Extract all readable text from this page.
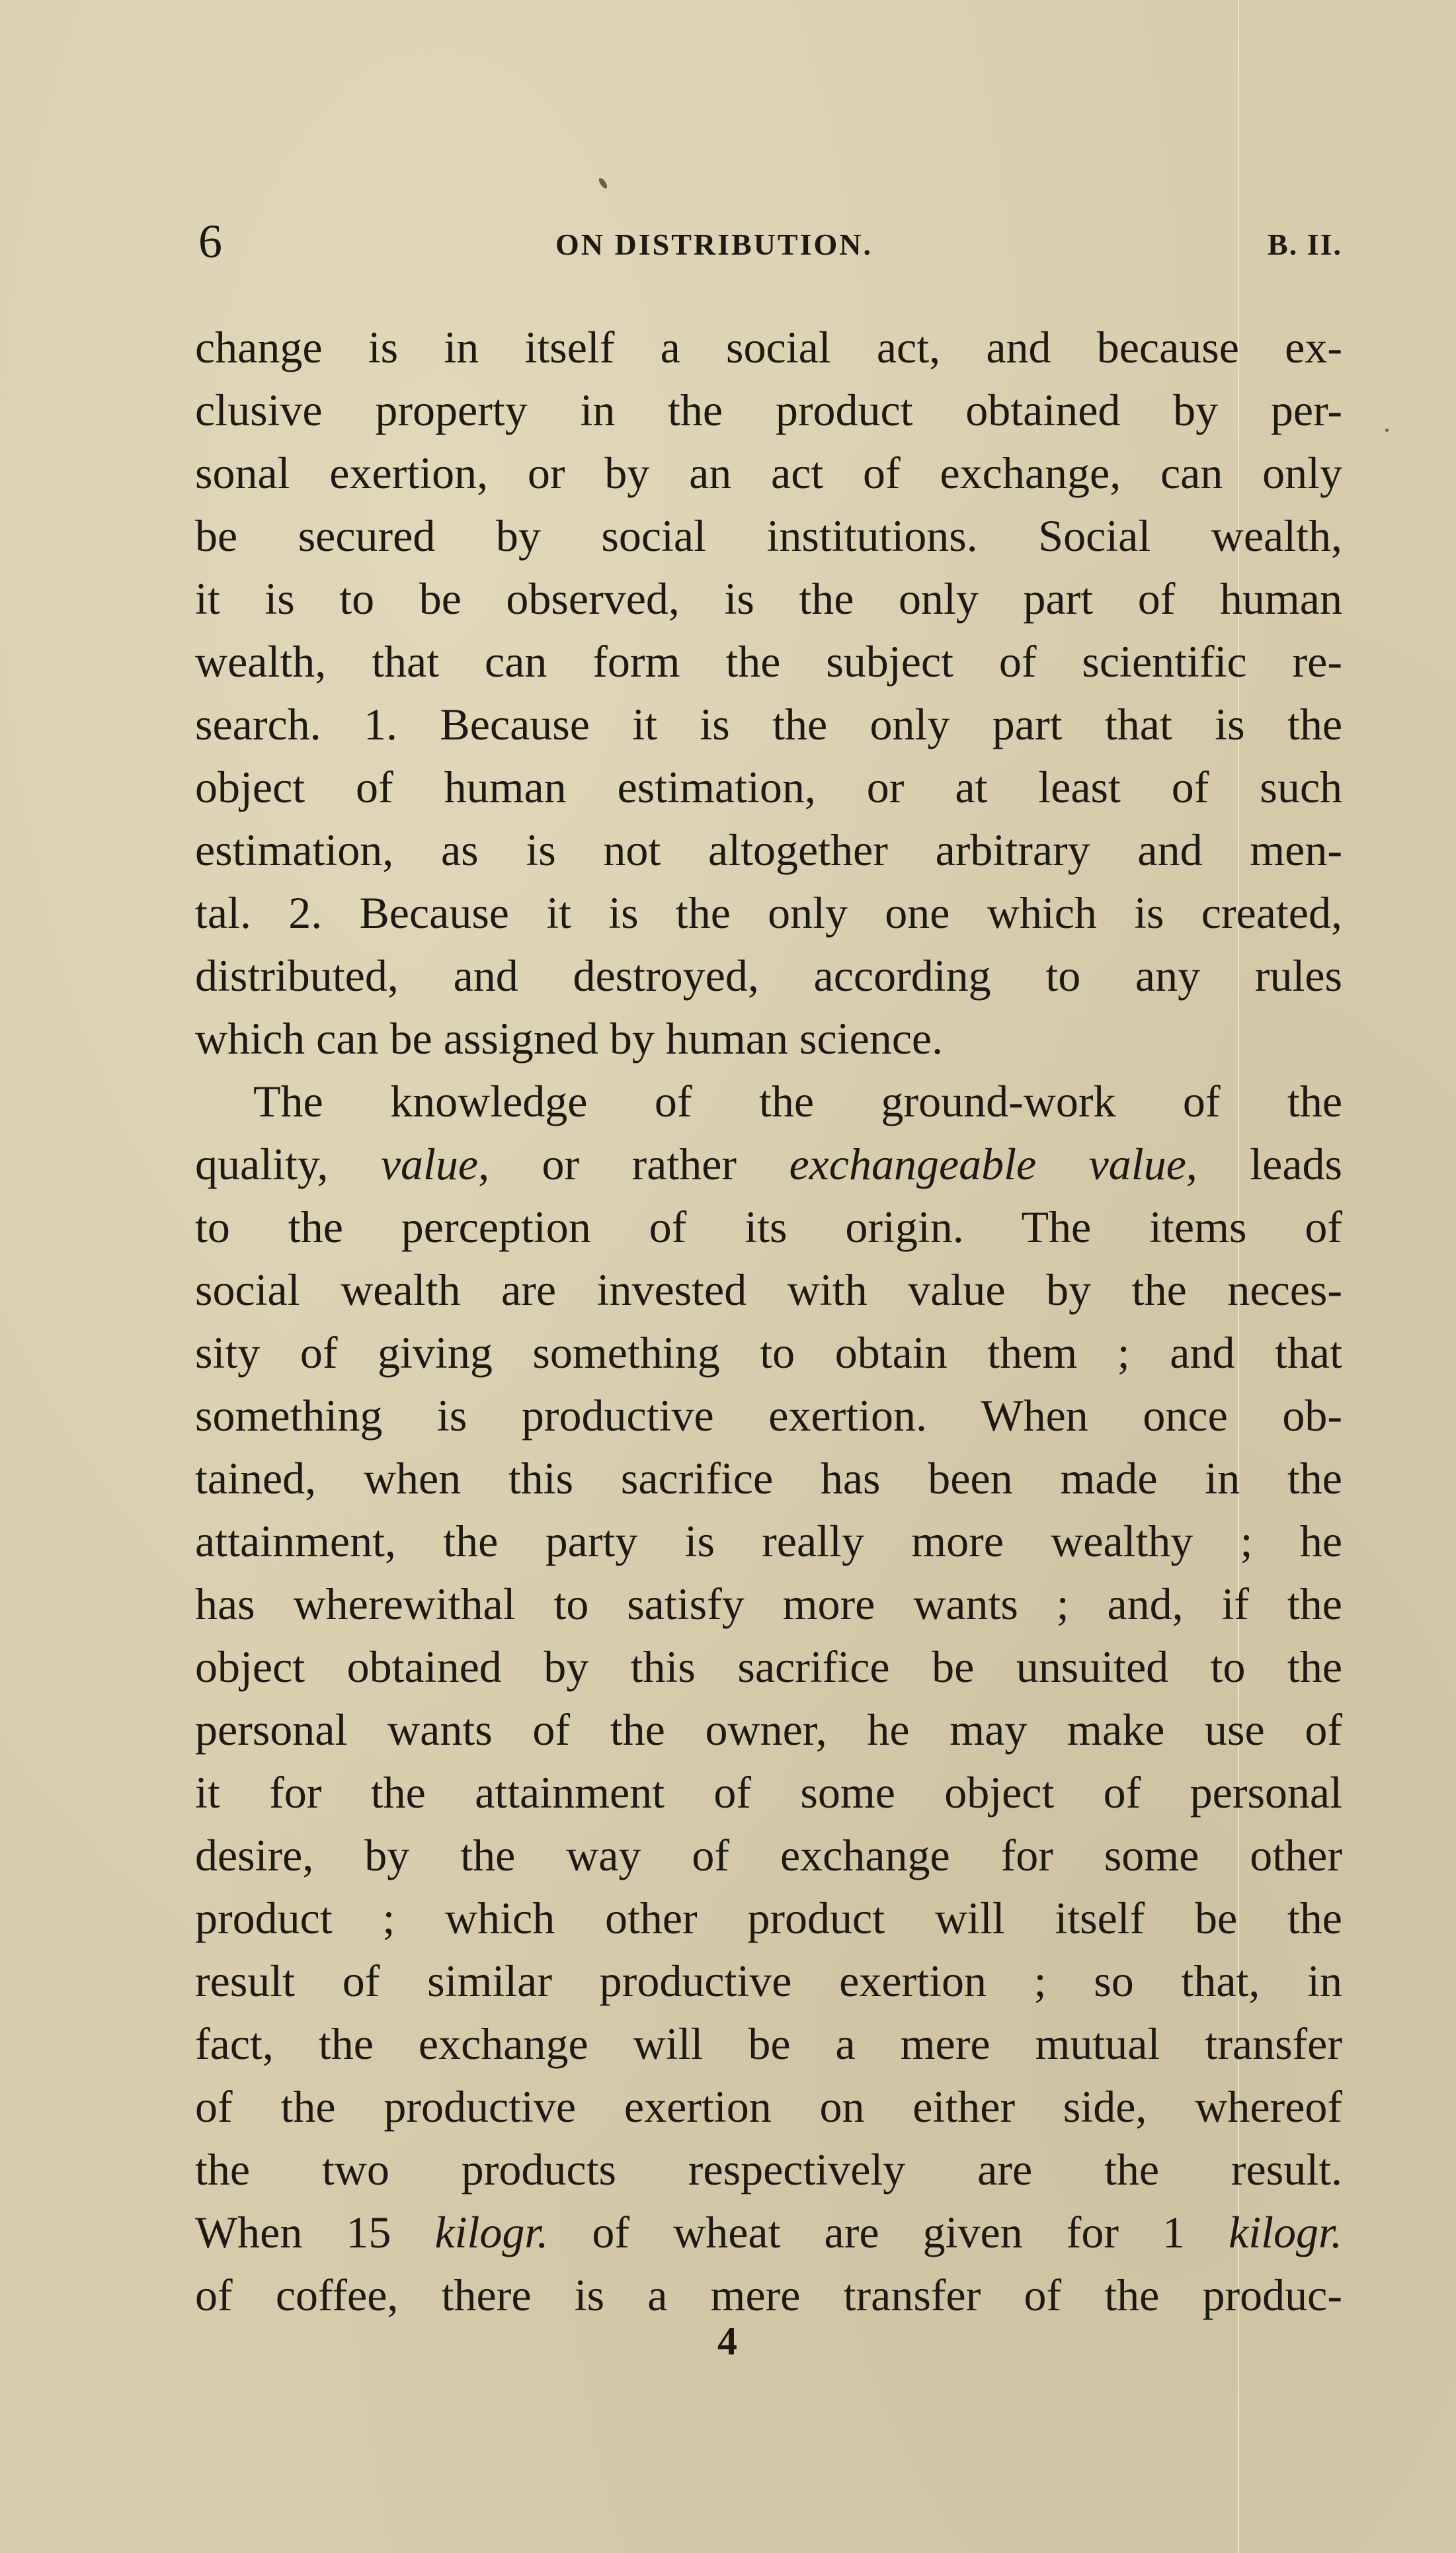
6	ON DISTRIBUTION.	B. II.
change is in itself a social act, and because ex-
clusive property in the product obtained by per-
sonal exertion, or by an act of exchange, can only
be secured by social institutions. Social wealth,
it is to be observed, is the only part of human
wealth, that can form the subject of scientific re-
search. 1. Because it is the only part that is the
object of human estimation, or at least of such
estimation, as is not altogether arbitrary and men-
tal. 2. Because it is the only one which is created,
distributed, and destroyed, according to any rules
which can be assigned by human science.
The knowledge of the ground-work of the
quality, value, or rather exchangeable value, leads
to the perception of its origin. The items of
social wealth are invested with value by the neces-
sity of giving something to obtain them ; and that
something is productive exertion. When once ob-
tained, when this sacrifice has been made in the
attainment, the party is really more wealthy ; he
has wherewithal to satisfy more wants ; and, if the
object obtained by this sacrifice be unsuited to the
personal wants of the owner, he may make use of
it for the attainment of some object of personal
desire, by the way of exchange for some other
product ; which other product will itself be the
result of similar productive exertion ; so that, in
fact, the exchange will be a mere mutual transfer
of the productive exertion on either side, whereof
the two products respectively are the result.
When 15 kilogr. of wheat are given for 1 kilogr.
of coffee, there is a mere transfer of the produc-
4
